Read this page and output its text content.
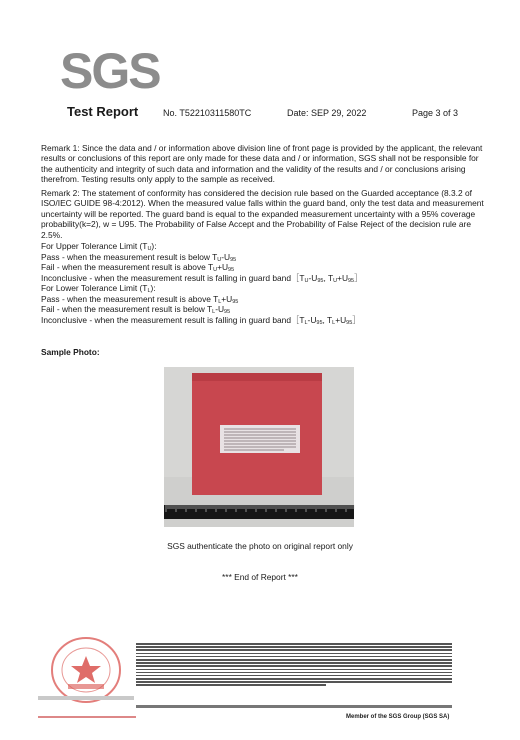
SGS
Test Report	No. T52210311580TC	Date: SEP 29, 2022	Page 3 of 3
Remark 1: Since the data and / or information above division line of front page is provided by the applicant, the relevant results or conclusions of this report are only made for these data and / or information, SGS shall not be responsible for the authenticity and integrity of such data and information and the validity of the results and / or conclusions arising therefrom. Testing results only apply to the sample as received.
Remark 2: The statement of conformity has considered the decision rule based on the Guarded acceptance (8.3.2 of ISO/IEC GUIDE 98-4:2012). When the measured value falls within the guard band, only the test data and measurement uncertainty will be reported. The guard band is equal to the expanded measurement uncertainty with a 95% coverage probability(k=2), w = U95. The Probability of False Accept and the Probability of False Reject of the decision rule are 2.5%.
For Upper Tolerance Limit $(T_U)$:
Pass - when the measurement result is below $T_U-U_{95}$
Fail - when the measurement result is above $T_U+U_{95}$
Inconclusive - when the measurement result is falling in guard $band[T_U-U_{95}$, $T_U+U_{95}]$
For Lower Tolerance Limit $(T_L)$:
Pass - when the measurement result is above $T_L+U_{95}$
Fail - when the measurement result is below $T_L-U_{95}$
Inconclusive - when the measurement result is falling in guard $band[T_L-U_{95}$, $T_L+U_{95}]$
Sample Photo:
SGS authenticate the photo on original report only
*** End of Report ***
Member of the SGS Group (SGS SA)
